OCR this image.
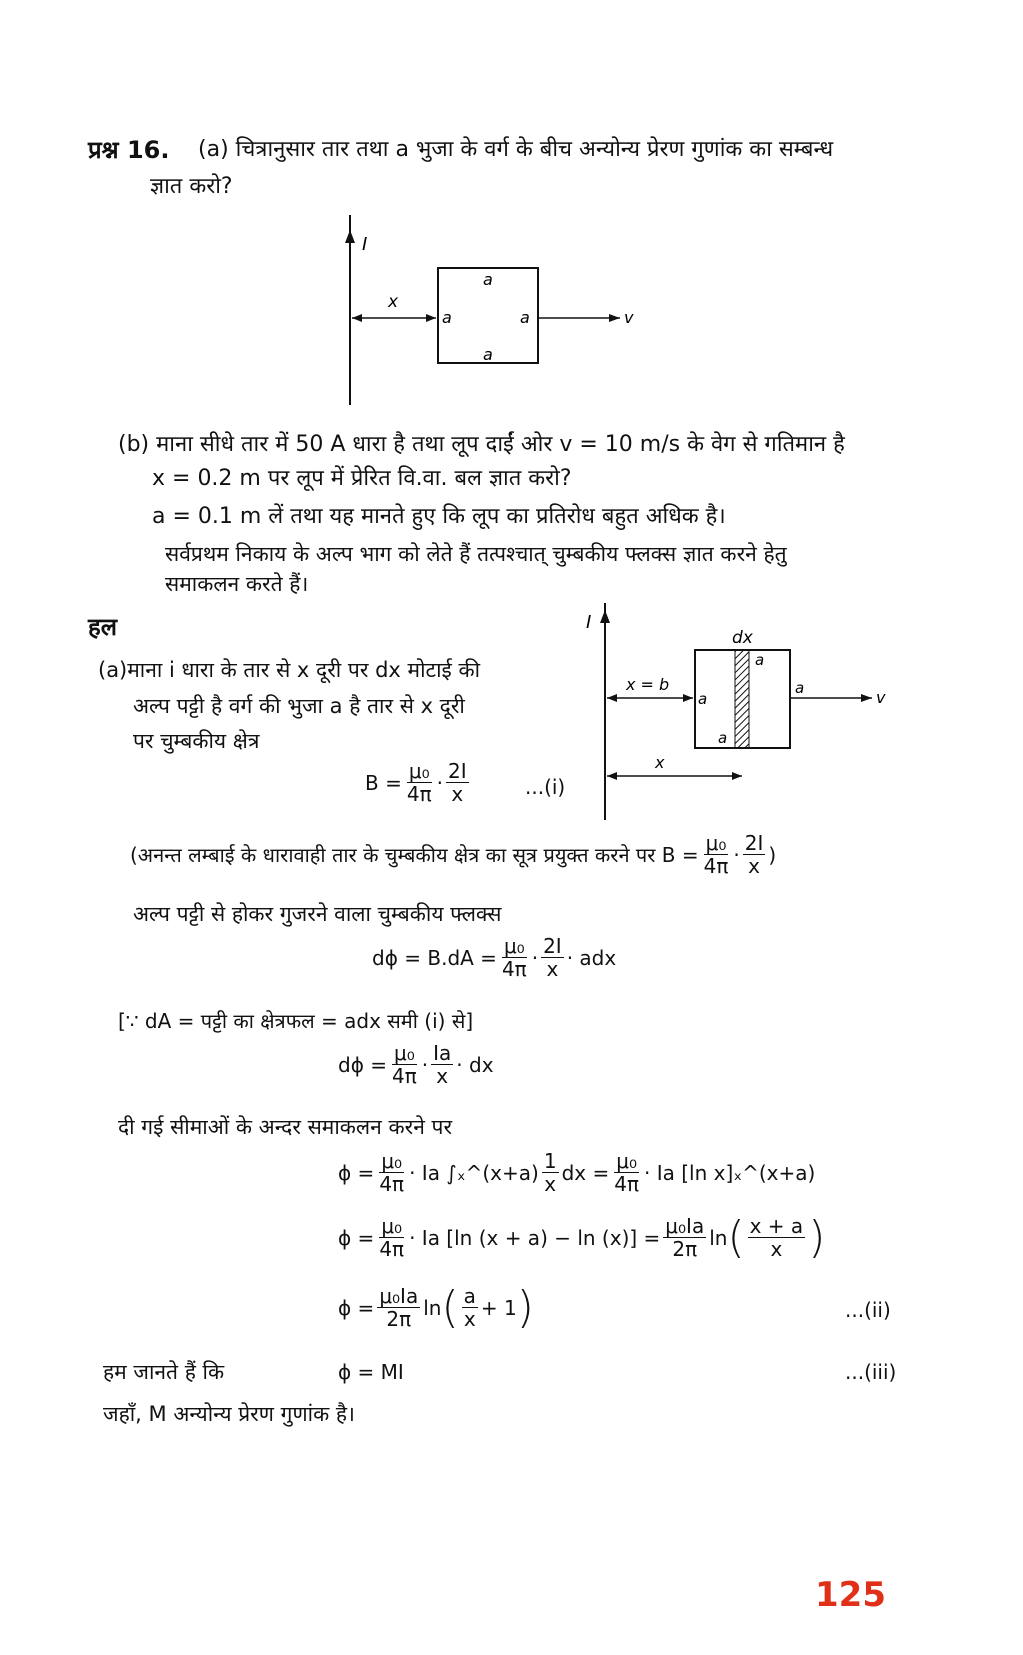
प्रश्न 16. (a) चित्रानुसार तार तथा a भुजा के वर्ग के बीच अन्योन्य प्रेरण गुणांक का सम्बन्ध
ज्ञात करो?
I
x
a
a	a
a
v
(b) माना सीधे तार में 50 A धारा है तथा लूप दाईं ओर v = 10 m/s के वेग से गतिमान है
x = 0.2 m पर लूप में प्रेरित वि.वा. बल ज्ञात करो?
a = 0.1 m लें तथा यह मानते हुए कि लूप का प्रतिरोध बहुत अधिक है।
सर्वप्रथम निकाय के अल्प भाग को लेते हैं तत्पश्चात् चुम्बकीय फ्लक्स ज्ञात करने हेतु
समाकलन करते हैं।
हल
(a)माना i धारा के तार से x दूरी पर dx मोटाई की
अल्प पट्टी है वर्ग की भुजा a है तार से x दूरी
पर चुम्बकीय क्षेत्र
$B = \frac{\text{μ₀}}{4\pi} \cdot \frac{2I}{x}$	...(i)
I
dx
a
a
a
a
x = b
v
x
(अनन्त लम्बाई के धारावाही तार के चुम्बकीय क्षेत्र का सूत्र प्रयुक्त करने पर $B = \frac{\text{μ₀}}{4\pi} \cdot \frac{2I}{x}$ )
अल्प पट्टी से होकर गुजरने वाला चुम्बकीय फ्लक्स
$d\phi = B.dA = \frac{\text{μ₀}}{4\pi} \cdot \frac{2I}{x}$ · adx
[∵ dA = पट्टी का क्षेत्रफल = adx समी (i) से]
$d\phi = \frac{\text{μ₀}}{4\pi} \cdot \frac{Ia}{x}$ · dx
दी गई सीमाओं के अन्दर समाकलन करने पर
$\phi = \frac{\text{μ₀}}{4\pi} \cdot Ia$ ∫ₓ^(x+a) $\frac{1}{x}$ dx = $\frac{\text{μ₀}}{4\pi} \cdot Ia$ [ln x]ₓ^(x+a)
$\phi = \frac{\text{μ₀}}{4\pi} \cdot Ia$ [ln $(x + a) - \ln (x)] = \frac{\text{μ₀Ia}}{2\pi}$ ln ( $\frac{x + a}{x}$ )
$\phi = \frac{\text{μ₀Ia}}{2\pi}$ ln ( $\frac{a}{x} + 1$ )	...(ii)
हम जानते हैं कि	ϕ = MI	...(iii)
जहाँ, M अन्योन्य प्रेरण गुणांक है।
125
